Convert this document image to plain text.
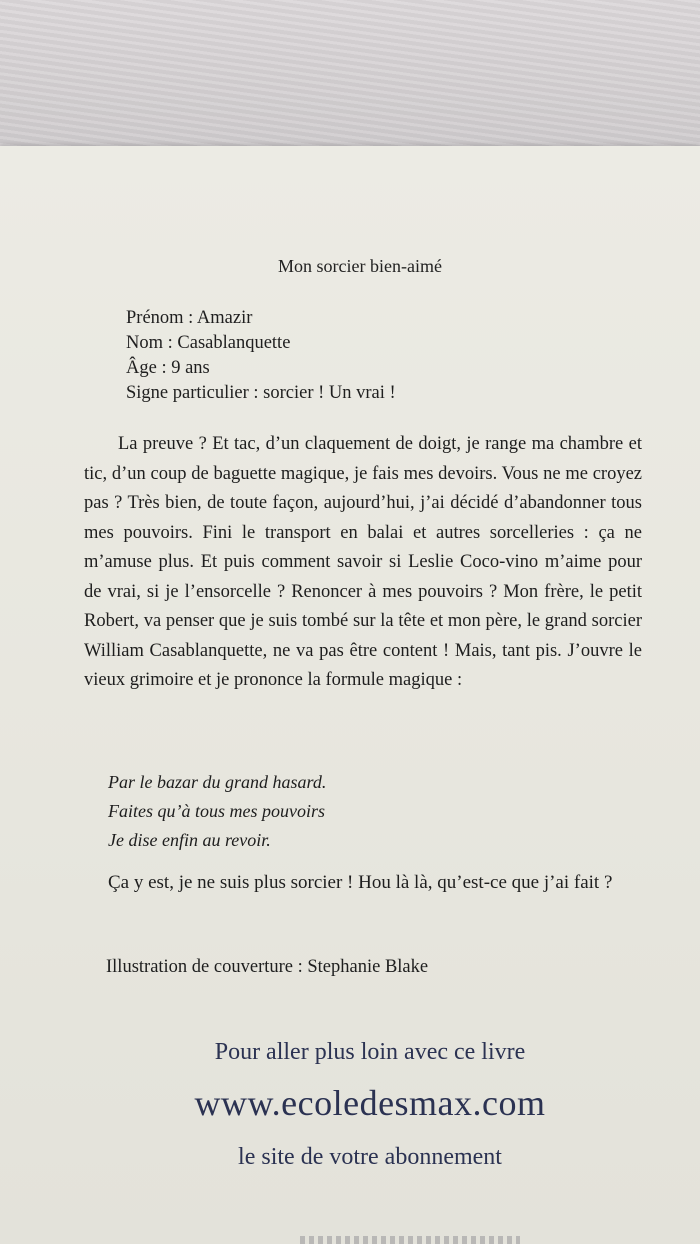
Mon sorcier bien-aimé
Prénom : Amazir
Nom : Casablanquette
Âge : 9 ans
Signe particulier : sorcier ! Un vrai !

La preuve ? Et tac, d’un claquement de doigt, je range ma chambre et tic, d’un coup de baguette magique, je fais mes devoirs. Vous ne me croyez pas ? Très bien, de toute façon, aujourd’hui, j’ai décidé d’abandonner tous mes pouvoirs. Fini le transport en balai et autres sorcelleries : ça ne m’amuse plus. Et puis comment savoir si Leslie Coco-vino m’aime pour de vrai, si je l’ensorcelle ? Renoncer à mes pouvoirs ? Mon frère, le petit Robert, va penser que je suis tombé sur la tête et mon père, le grand sorcier William Casablanquette, ne va pas être content ! Mais, tant pis. J’ouvre le vieux grimoire et je prononce la formule magique :

Par le bazar du grand hasard.
Faites qu’à tous mes pouvoirs
Je dise enfin au revoir.

Ça y est, je ne suis plus sorcier ! Hou là là, qu’est-ce que j’ai fait ?

Illustration de couverture : Stephanie Blake
Pour aller plus loin avec ce livre
www.ecoledesmax.com
le site de votre abonnement
